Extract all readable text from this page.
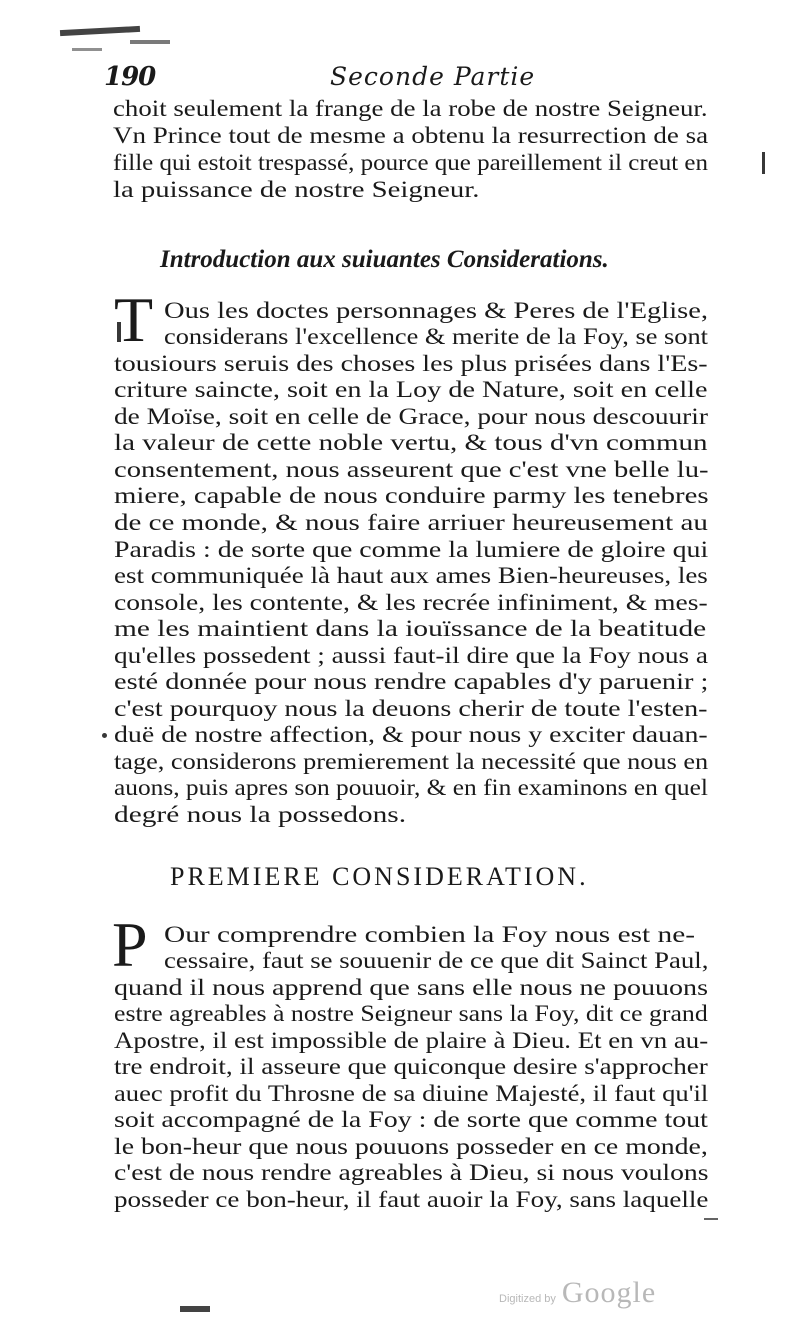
190	Seconde Partie
choit seulement la frange de la robe de nostre Seigneur.
Vn Prince tout de mesme a obtenu la resurrection de sa
fille qui estoit trespassé, pource que pareillement il creut en
la puissance de nostre Seigneur.
Introduction aux suiuantes Considerations.
T Ous les doctes personnages & Peres de l'Eglise,
considerans l'excellence & merite de la Foy, se sont
tousiours seruis des choses les plus prisées dans l'Es-
criture saincte, soit en la Loy de Nature, soit en celle
de Moïse, soit en celle de Grace, pour nous descouurir
la valeur de cette noble vertu, & tous d'vn commun
consentement, nous asseurent que c'est vne belle lu-
miere, capable de nous conduire parmy les tenebres
de ce monde, & nous faire arriuer heureusement au
Paradis : de sorte que comme la lumiere de gloire qui
est communiquée là haut aux ames Bien-heureuses, les
console, les contente, & les recrée infiniment, & mes-
me les maintient dans la iouïssance de la beatitude
qu'elles possedent ; aussi faut-il dire que la Foy nous a
esté donnée pour nous rendre capables d'y paruenir ;
c'est pourquoy nous la deuons cherir de toute l'esten-
duë de nostre affection, & pour nous y exciter dauan-
tage, considerons premierement la necessité que nous en
auons, puis apres son pouuoir, & en fin examinons en quel
degré nous la possedons.
PREMIERE CONSIDERATION.
P Our comprendre combien la Foy nous est ne-
cessaire, faut se souuenir de ce que dit Sainct Paul,
quand il nous apprend que sans elle nous ne pouuons
estre agreables à nostre Seigneur sans la Foy, dit ce grand
Apostre, il est impossible de plaire à Dieu. Et en vn au-
tre endroit, il asseure que quiconque desire s'approcher
auec profit du Throsne de sa diuine Majesté, il faut qu'il
soit accompagné de la Foy : de sorte que comme tout
le bon-heur que nous pouuons posseder en ce monde,
c'est de nous rendre agreables à Dieu, si nous voulons
posseder ce bon-heur, il faut auoir la Foy, sans laquelle
Digitized by Google
